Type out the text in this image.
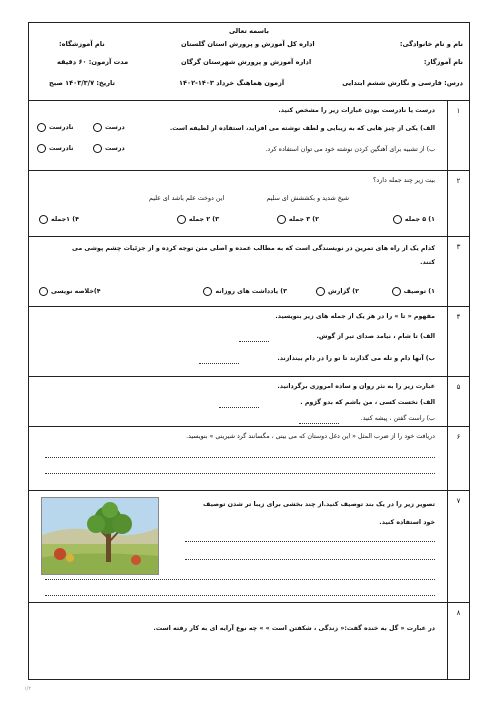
باسمه تعالی
نام و نام خانوادگی:
اداره کل آموزش و پرورش استان گلستان
نام آموزشگاه:
نام آموزگار:
اداره آموزش و پرورش شهرستان گرگان
مدت آزمون: ۶۰ دقیقه
درس: فارسی و نگارش ششم ابتدایی
آزمون هماهنگ خرداد ۱۴۰۳-۱۴۰۲
تاریخ: ۱۴۰۳/۳/۷ صبح
۱
درست یا نادرست بودن عبارات زیر را مشخص کنید.
الف) یکی از چیز هایی که به زیبایی و لطف نوشته می افزاید، استفاده از لطیفه است.
درست
نادرست
ب) از تشبیه برای آهنگین کردن نوشته خود می توان استفاده کرد.
درست
نادرست
۲
بیت زیر چند جمله دارد؟
شیخ شدید و بکششش ای سلیم
این دوخت علم باشد ای علیم
۱) ۵ جمله
۲) ۳ جمله
۳) ۲ جمله
۴) ۱جمله
۳
کدام یک از راه های تمرین در نویسندگی است که به مطالب عمده و اصلی متن توجه کرده و از جزئیات چشم پوشی می
کنند.
۱) توصیف
۲) گزارش
۳) یادداشت های روزانه
۴)خلاصه نویسی
۴
مفهوم « تا » را در هر یک از جمله های زیر بنویسید.
الف) تا شام ، نیامد صدای تبر از گوش.
ب) آنها دام و تله می گذارند تا تو را در دام بیندازند.
۵
عبارت زیر را به نثر روان و ساده امروزی برگردانید.
الف) نخست کسی ، من باشم که بدو گرَوم .
ب) راست گفتن ، پیشه کنید.
۶
دریافت خود را از ضرب المثل « این دغل دوستان که می بینی ، مگسانند گرد شیرینی » بنویسید.
۷
تصویر زیر را در یک بند توصیف کنید.از چند بخشی برای زیبا تر شدن توصیف
خود استفاده کنید.
۸
در عبارت « گل به خنده گفت:« زندگی ، شکفتن است » » چه نوع آرایه ای به کار رفته است.
۱/۲
